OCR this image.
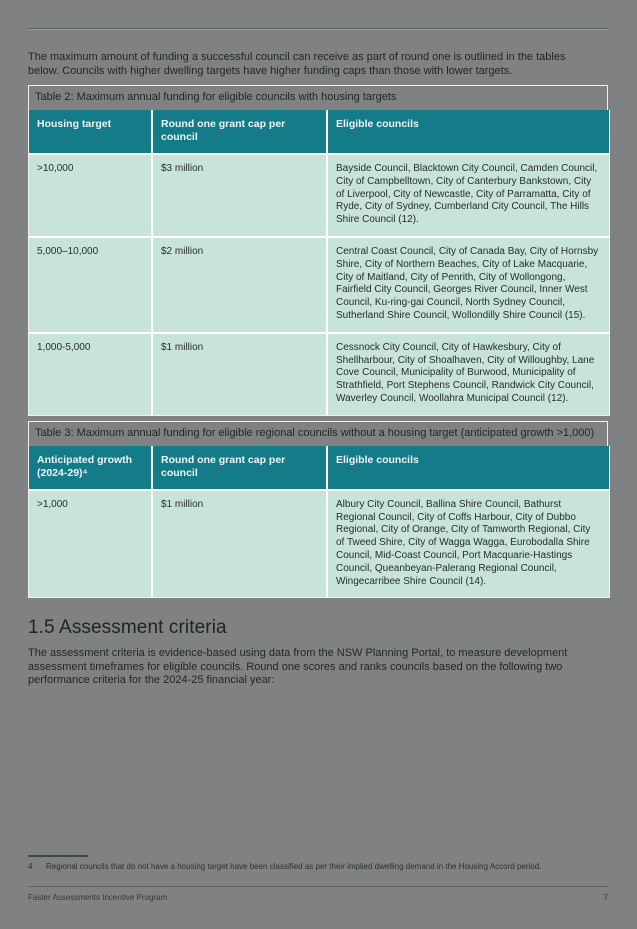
The maximum amount of funding a successful council can receive as part of round one is outlined in the tables below. Councils with higher dwelling targets have higher funding caps than those with lower targets.

Table 2: Maximum annual funding for eligible councils with housing targets
Housing target	Round one grant cap per council	Eligible councils
>10,000	$3 million	Bayside Council, Blacktown City Council, Camden Council, City of Campbelltown, City of Canterbury Bankstown, City of Liverpool, City of Newcastle, City of Parramatta, City of Ryde, City of Sydney, Cumberland City Council, The Hills Shire Council (12).
5,000–10,000	$2 million	Central Coast Council, City of Canada Bay, City of Hornsby Shire, City of Northern Beaches, City of Lake Macquarie, City of Maitland, City of Penrith, City of Wollongong, Fairfield City Council, Georges River Council, Inner West Council, Ku-ring-gai Council, North Sydney Council, Sutherland Shire Council, Wollondilly Shire Council (15).
1,000-5,000	$1 million	Cessnock City Council, City of Hawkesbury, City of Shellharbour, City of Shoalhaven, City of Willoughby, Lane Cove Council, Municipality of Burwood, Municipality of Strathfield, Port Stephens Council, Randwick City Council, Waverley Council, Woollahra Municipal Council (12).
Table 3: Maximum annual funding for eligible regional councils without a housing target (anticipated growth >1,000)
Anticipated growth (2024-29)⁴	Round one grant cap per council	Eligible councils
>1,000	$1 million	Albury City Council, Ballina Shire Council, Bathurst Regional Council, City of Coffs Harbour, City of Dubbo Regional, City of Orange, City of Tamworth Regional, City of Tweed Shire, City of Wagga Wagga, Eurobodalla Shire Council, Mid-Coast Council, Port Macquarie-Hastings Council, Queanbeyan-Palerang Regional Council, Wingecarribee Shire Council (14).
1.5 Assessment criteria

The assessment criteria is evidence-based using data from the NSW Planning Portal, to measure development assessment timeframes for eligible councils. Round one scores and ranks councils based on the following two performance criteria for the 2024-25 financial year:

4	Regional councils that do not have a housing target have been classified as per their implied dwelling demand in the Housing Accord period.
Faster Assessments Incentive Program	7
